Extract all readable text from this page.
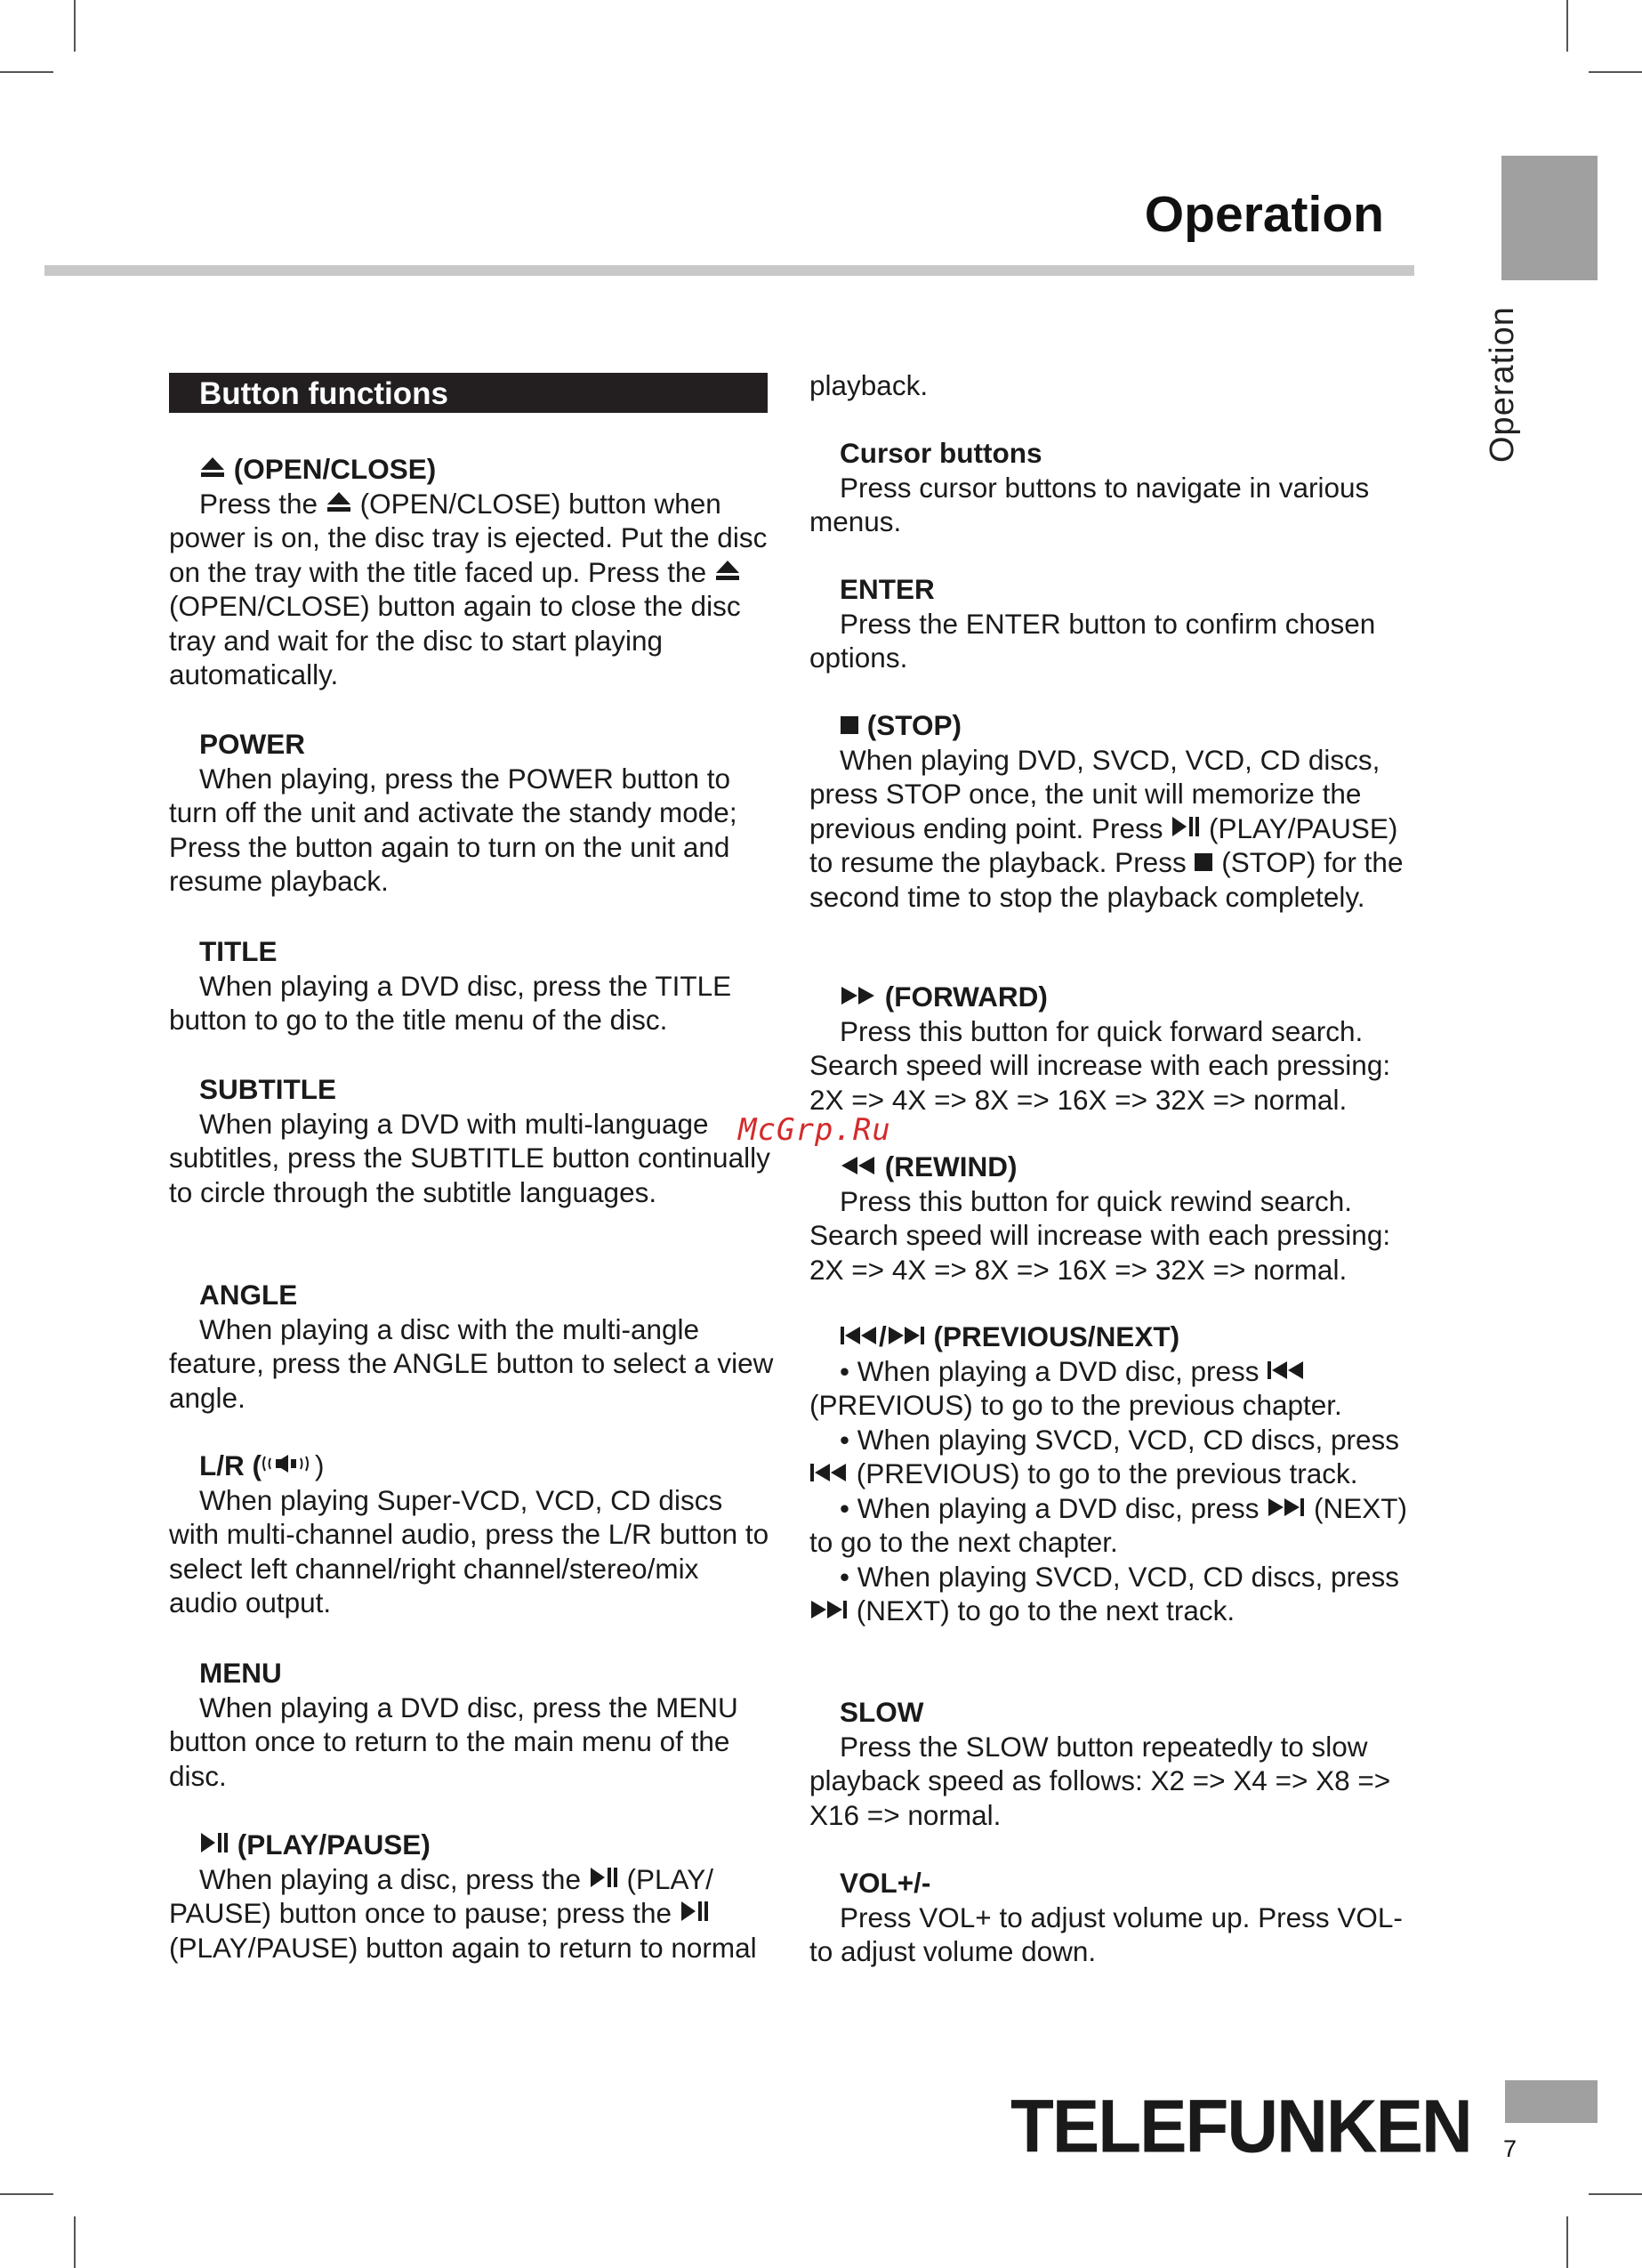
Operation
Operation
Button functions
(OPEN/CLOSE)
Press the (OPEN/CLOSE) button when power is on, the disc tray is ejected. Put the disc on the tray with the title faced up. Press the
(OPEN/CLOSE) button again to close the disc tray and wait for the disc to start playing automatically.
POWER
When playing, press the POWER button to turn off the unit and activate the standy mode; Press the button again to turn on the unit and resume playback.
TITLE
When playing a DVD disc, press the TITLE button to go to the title menu of the disc.
SUBTITLE
When playing a DVD with multi-language subtitles, press the SUBTITLE button continually to circle through the subtitle languages.
ANGLE
When playing a disc with the multi-angle feature, press the ANGLE button to select a view angle.
L/R ( )
When playing Super-VCD, VCD, CD discs with multi-channel audio, press the L/R button to select left channel/right channel/stereo/mix audio output.
MENU
When playing a DVD disc, press the MENU button once to return to the main menu of the disc.
(PLAY/PAUSE)
When playing a disc, press the (PLAY/ PAUSE) button once to pause; press the
(PLAY/PAUSE) button again to return to normal
playback.
Cursor buttons
Press cursor buttons to navigate in various menus.
ENTER
Press the ENTER button to confirm chosen options.
(STOP)
When playing DVD, SVCD, VCD, CD discs, press STOP once, the unit will memorize the previous ending point. Press (PLAY/PAUSE) to resume the playback. Press (STOP) for the second time to stop the playback completely.
(FORWARD)
Press this button for quick forward search. Search speed will increase with each pressing: 2X => 4X => 8X => 16X => 32X => normal.
(REWIND)
Press this button for quick rewind search. Search speed will increase with each pressing: 2X => 4X => 8X => 16X => 32X => normal.
/ (PREVIOUS/NEXT)
• When playing a DVD disc, press
(PREVIOUS) to go to the previous chapter.
• When playing SVCD, VCD, CD discs, press
(PREVIOUS) to go to the previous track.
• When playing a DVD disc, press (NEXT) to go to the next chapter.
• When playing SVCD, VCD, CD discs, press
(NEXT) to go to the next track.
SLOW
Press the SLOW button repeatedly to slow playback speed as follows: X2 => X4 => X8 => X16 => normal.
VOL+/-
Press VOL+ to adjust volume up. Press VOL- to adjust volume down.
McGrp.Ru
TELEFUNKEN 7
